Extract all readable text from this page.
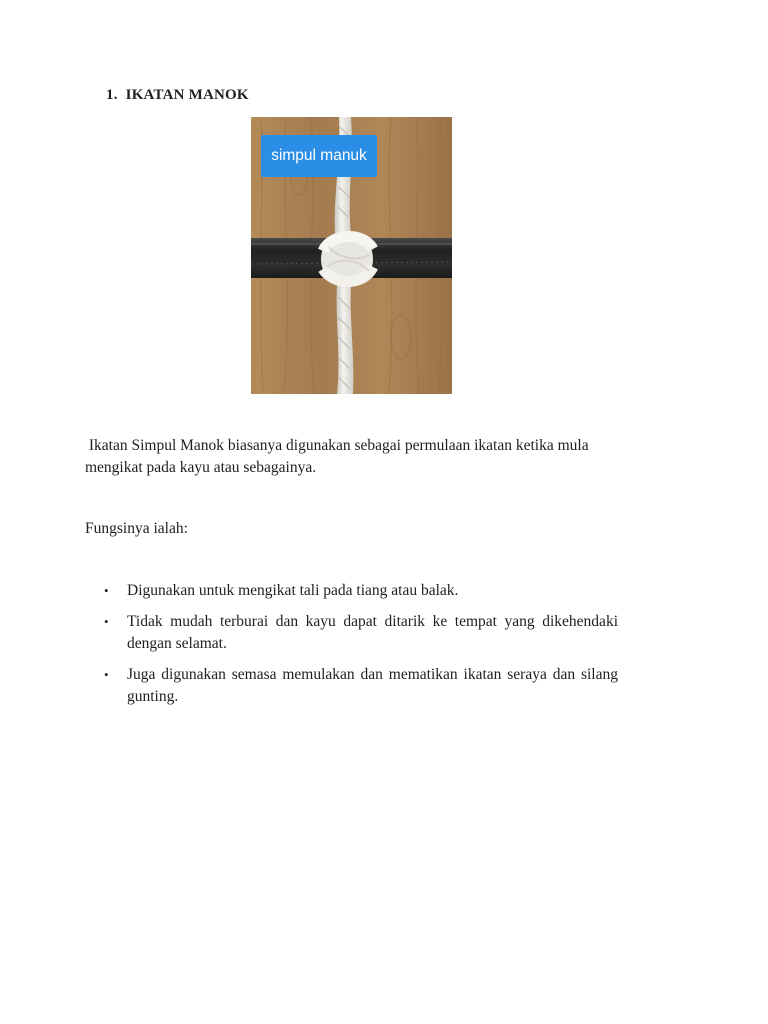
1. IKATAN MANOK
simpul manuk
Ikatan Simpul Manok biasanya digunakan sebagai permulaan ikatan ketika mula mengikat pada kayu atau sebagainya.
Fungsinya ialah:
• Digunakan untuk mengikat tali pada tiang atau balak.
• Tidak mudah terburai dan kayu dapat ditarik ke tempat yang dikehendaki dengan selamat.
• Juga digunakan semasa memulakan dan mematikan ikatan seraya dan silang gunting.
